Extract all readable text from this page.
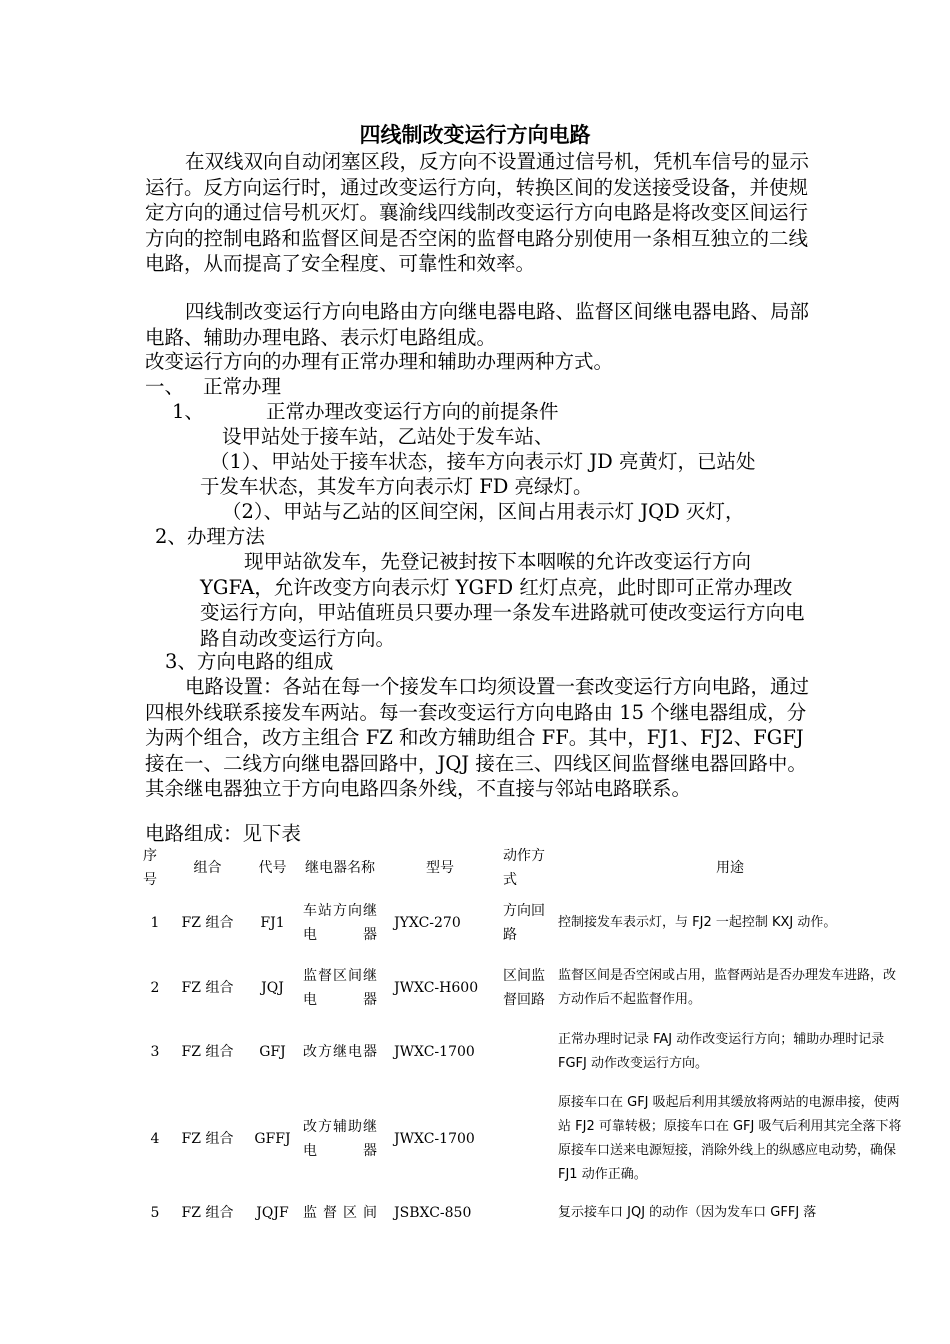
四线制改变运行方向电路

在双线双向自动闭塞区段，反方向不设置通过信号机，凭机车信号的显示运行。反方向运行时，通过改变运行方向，转换区间的发送接受设备，并使规定方向的通过信号机灭灯。襄渝线四线制改变运行方向电路是将改变区间运行方向的控制电路和监督区间是否空闲的监督电路分别使用一条相互独立的二线电路，从而提高了安全程度、可靠性和效率。

四线制改变运行方向电路由方向继电器电路、监督区间继电器电路、局部电路、辅助办理电路、表示灯电路组成。

改变运行方向的办理有正常办理和辅助办理两种方式。
一、 正常办理
1、	正常办理改变运行方向的前提条件
设甲站处于接车站，乙站处于发车站、
（1）、甲站处于接车状态，接车方向表示灯 JD 亮黄灯，已站处
于发车状态，其发车方向表示灯 FD 亮绿灯。
（2）、甲站与乙站的区间空闲，区间占用表示灯 JQD 灭灯，
2、办理方法

现甲站欲发车，先登记被封按下本咽喉的允许改变运行方向 YGFA，允许改变方向表示灯 YGFD 红灯点亮，此时即可正常办理改变运行方向，甲站值班员只要办理一条发车进路就可使改变运行方向电路自动改变运行方向。

3、方向电路的组成

电路设置：各站在每一个接发车口均须设置一套改变运行方向电路，通过四根外线联系接发车两站。每一套改变运行方向电路由 15 个继电器组成，分为两个组合，改方主组合 FZ 和改方辅助组合 FF。其中，FJ1、FJ2、FGFJ 接在一、二线方向继电器回路中，JQJ 接在三、四线区间监督继电器回路中。其余继电器独立于方向电路四条外线，不直接与邻站电路联系。

电路组成：见下表
序号	组合	代号	继电器名称	型号	动作方式	用途
1	FZ 组合	FJ1	车站方向继电器	JYXC-270	方向回路	控制接发车表示灯，与 FJ2 一起控制 KXJ 动作。
2	FZ 组合	JQJ	监督区间继电器	JWXC-H600	区间监督回路	监督区间是否空闲或占用，监督两站是否办理发车进路，改方动作后不起监督作用。
3	FZ 组合	GFJ	改方继电器	JWXC-1700		正常办理时记录 FAJ 动作改变运行方向；辅助办理时记录 FGFJ 动作改变运行方向。
4	FZ 组合	GFFJ	改方辅助继电器	JWXC-1700		原接车口在 GFJ 吸起后利用其缓放将两站的电源串接，使两站 FJ2 可靠转极；原接车口在 GFJ 吸气后利用其完全落下将原接车口送来电源短接，消除外线上的纵感应电动势，确保 FJ1 动作正确。
5	FZ 组合	JQJF	监督区间	JSBXC-850		复示接车口 JQJ 的动作（因为发车口 GFFJ 落
